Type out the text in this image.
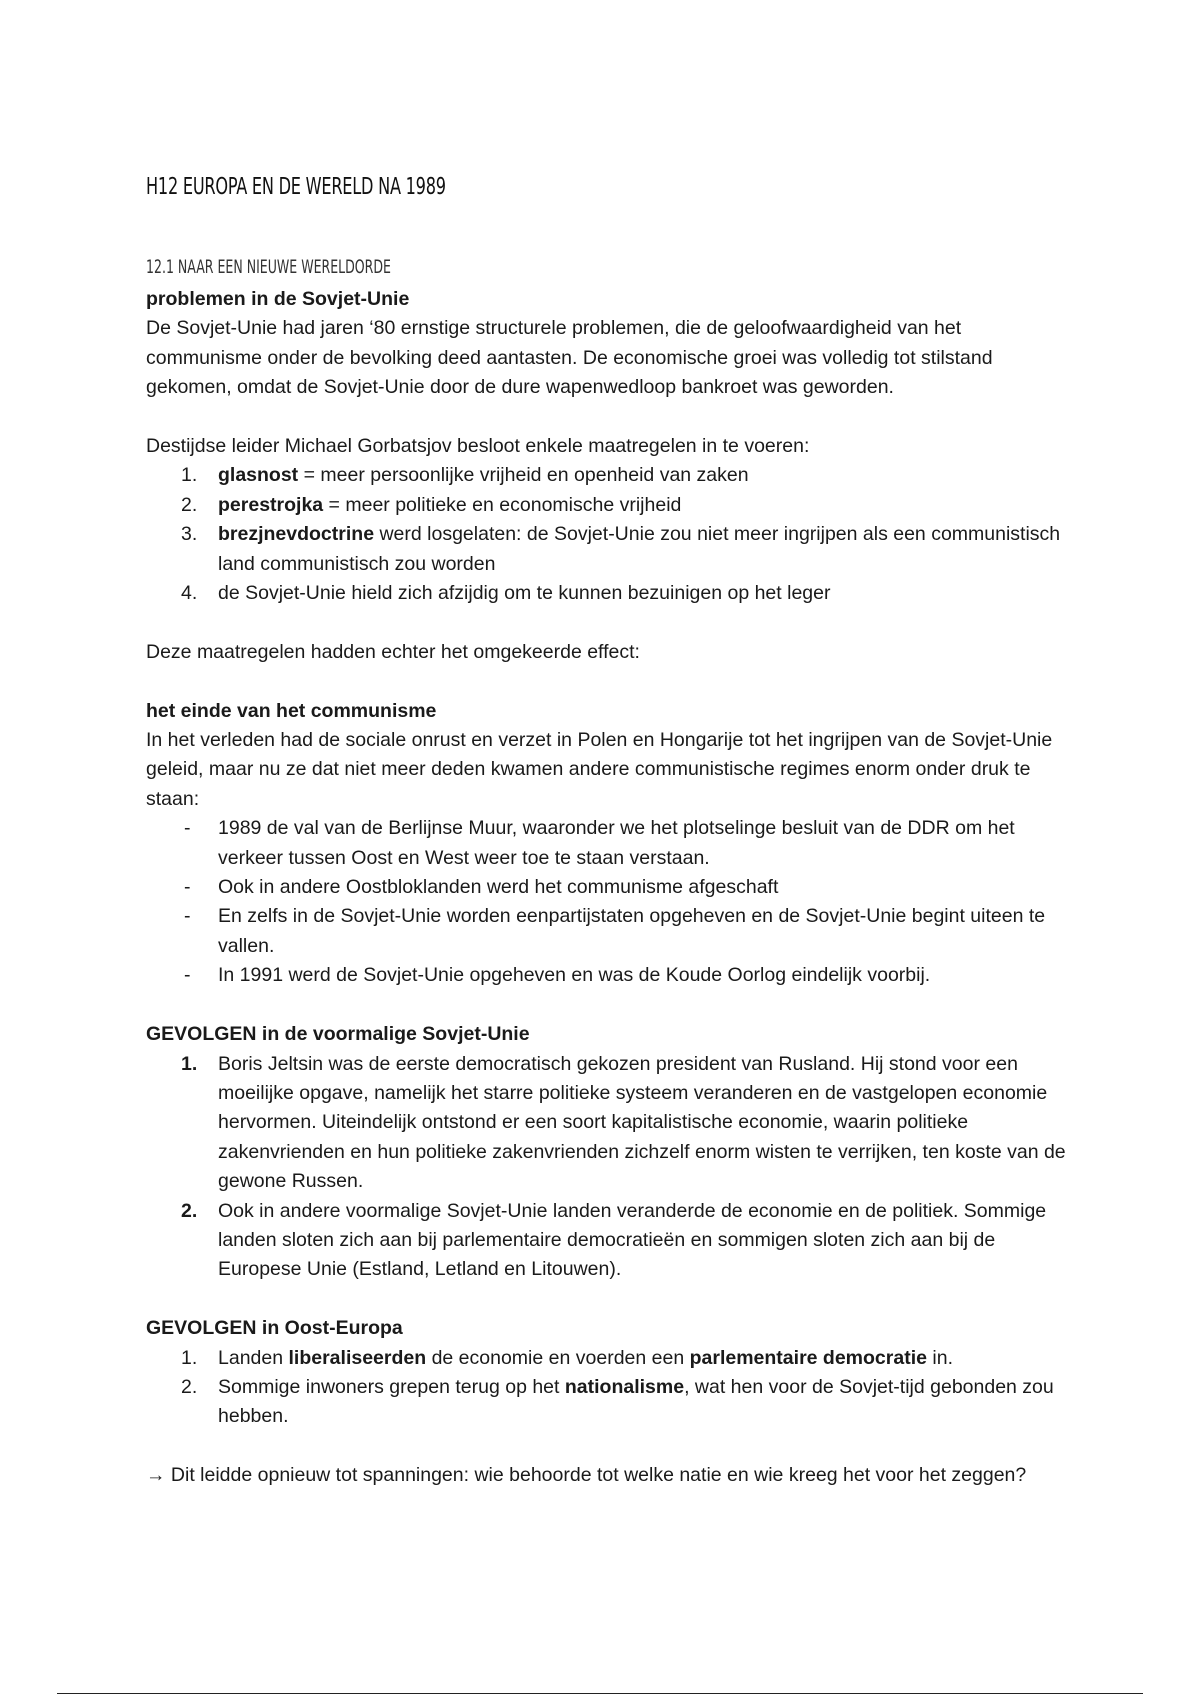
H12 EUROPA EN DE WERELD NA 1989
12.1 NAAR EEN NIEUWE WERELDORDE

problemen in de Sovjet-Unie

De Sovjet-Unie had jaren ‘80 ernstige structurele problemen, die de geloofwaardigheid van het communisme onder de bevolking deed aantasten. De economische groei was volledig tot stilstand gekomen, omdat de Sovjet-Unie door de dure wapenwedloop bankroet was geworden.

Destijdse leider Michael Gorbatsjov besloot enkele maatregelen in te voeren:

1. glasnost = meer persoonlijke vrijheid en openheid van zaken
2. perestrojka = meer politieke en economische vrijheid
3. brezjnevdoctrine werd losgelaten: de Sovjet-Unie zou niet meer ingrijpen als een communistisch land communistisch zou worden
4. de Sovjet-Unie hield zich afzijdig om te kunnen bezuinigen op het leger

Deze maatregelen hadden echter het omgekeerde effect:

het einde van het communisme

In het verleden had de sociale onrust en verzet in Polen en Hongarije tot het ingrijpen van de Sovjet-Unie geleid, maar nu ze dat niet meer deden kwamen andere communistische regimes enorm onder druk te staan:

- 1989 de val van de Berlijnse Muur, waaronder we het plotselinge besluit van de DDR om het verkeer tussen Oost en West weer toe te staan verstaan.
- Ook in andere Oostbloklanden werd het communisme afgeschaft
- En zelfs in de Sovjet-Unie worden eenpartijstaten opgeheven en de Sovjet-Unie begint uiteen te vallen.
- In 1991 werd de Sovjet-Unie opgeheven en was de Koude Oorlog eindelijk voorbij.

GEVOLGEN in de voormalige Sovjet-Unie

1. Boris Jeltsin was de eerste democratisch gekozen president van Rusland. Hij stond voor een moeilijke opgave, namelijk het starre politieke systeem veranderen en de vastgelopen economie hervormen. Uiteindelijk ontstond er een soort kapitalistische economie, waarin politieke zakenvrienden en hun politieke zakenvrienden zichzelf enorm wisten te verrijken, ten koste van de gewone Russen.
2. Ook in andere voormalige Sovjet-Unie landen veranderde de economie en de politiek. Sommige landen sloten zich aan bij parlementaire democratieën en sommigen sloten zich aan bij de Europese Unie (Estland, Letland en Litouwen).

GEVOLGEN in Oost-Europa

1. Landen liberaliseerden de economie en voerden een parlementaire democratie in.
2. Sommige inwoners grepen terug op het nationalisme, wat hen voor de Sovjet-tijd gebonden zou hebben.

→ Dit leidde opnieuw tot spanningen: wie behoorde tot welke natie en wie kreeg het voor het zeggen?
